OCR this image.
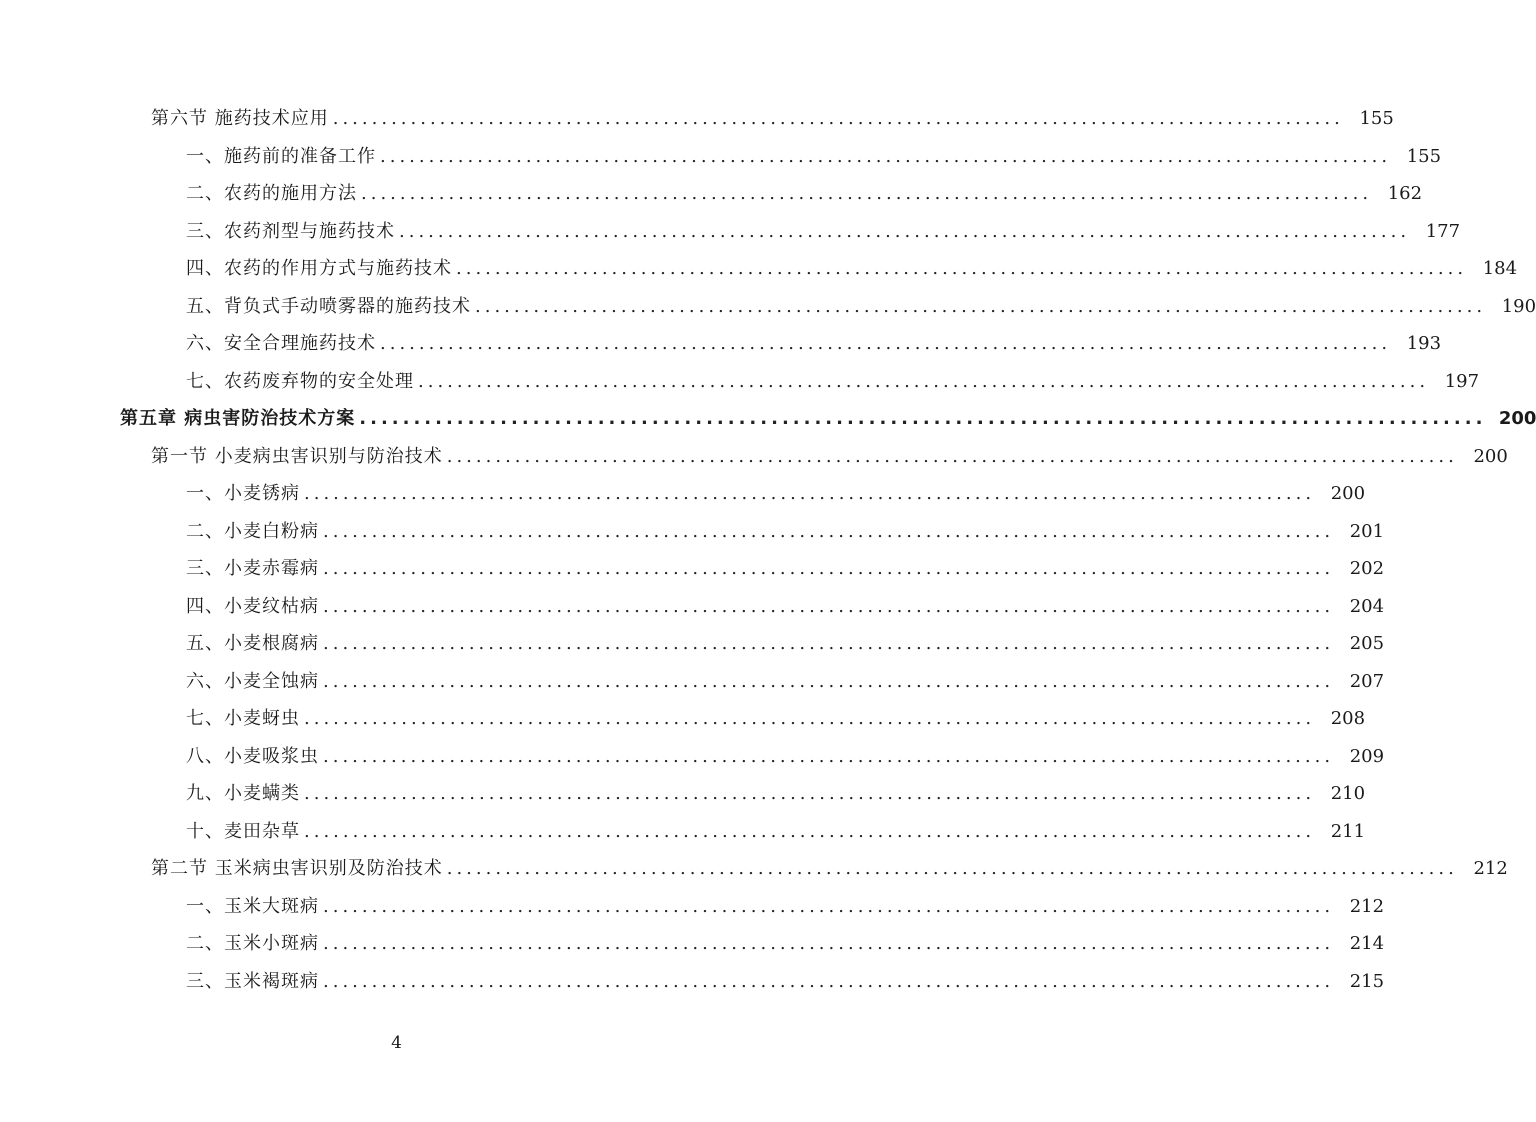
第六节 施药技术应用 ........................................................................................................ 155
一、施药前的准备工作 ........................................................................................................ 155
二、农药的施用方法 ........................................................................................................ 162
三、农药剂型与施药技术 ........................................................................................................ 177
四、农药的作用方式与施药技术 ........................................................................................................ 184
五、背负式手动喷雾器的施药技术 ........................................................................................................ 190
六、安全合理施药技术 ........................................................................................................ 193
七、农药废弃物的安全处理 ........................................................................................................ 197
第五章 病虫害防治技术方案 ........................................................................................................ 200
第一节 小麦病虫害识别与防治技术 ........................................................................................................ 200
一、小麦锈病 ........................................................................................................ 200
二、小麦白粉病 ........................................................................................................ 201
三、小麦赤霉病 ........................................................................................................ 202
四、小麦纹枯病 ........................................................................................................ 204
五、小麦根腐病 ........................................................................................................ 205
六、小麦全蚀病 ........................................................................................................ 207
七、小麦蚜虫 ........................................................................................................ 208
八、小麦吸浆虫 ........................................................................................................ 209
九、小麦螨类 ........................................................................................................ 210
十、麦田杂草 ........................................................................................................ 211
第二节 玉米病虫害识别及防治技术 ........................................................................................................ 212
一、玉米大斑病 ........................................................................................................ 212
二、玉米小斑病 ........................................................................................................ 214
三、玉米褐斑病 ........................................................................................................ 215
4
